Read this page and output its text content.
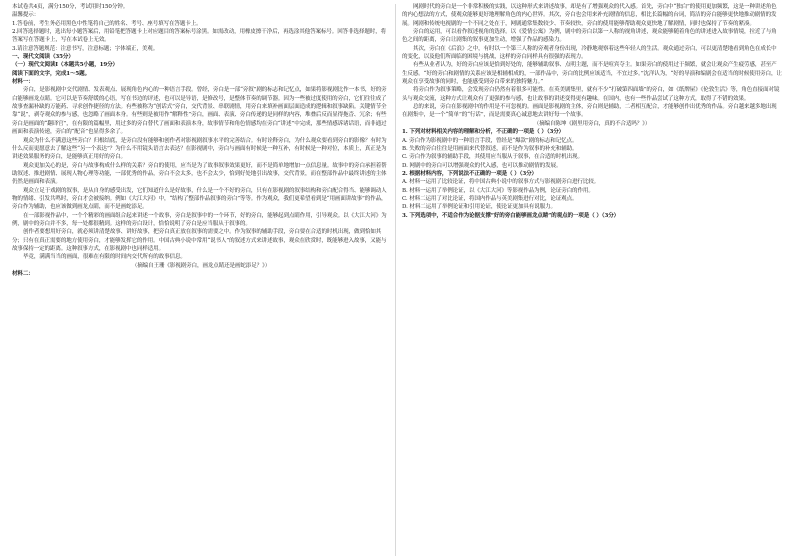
本试卷共4页，满分150分，考试用时150分钟。

温馨提示：

1.答卷前，考生务必用黑色中性笔将自己的姓名、考号、座号填写在答题卡上。

2.回答选择题时，选出每小题答案后，用铅笔把答题卡上对应题目的答案标号涂黑。如需改动，用橡皮擦干净后，再选涂其他答案标号。回答非选择题时，将答案写在答题卡上，写在本试卷上无效。

3.请注意答题规范：注意书写，注意标题；字体端正，美观。

一、现代文阅读（35分）

（一）现代文阅读Ⅰ（本题共5小题，19分）

阅读下面的文字，完成1～5题。

材料一：

旁白，是影视剧中交代剧情、发表观点、展现角色内心的一种语言手段。曾经，旁白是一部“旁叙”剧的标志和记忆点，如果将影视剧比作一本书，好的旁白能够画龙点睛。它可以是节奏舒缓的心语，写在书边的评述，也可以是导语，是修改号，是整体节奏的调节器。因为一些被过度使用的旁白，它们往往成了故事查漏补缺的万能药、寻求创作捷径的方法。有些被称为“创话式”旁白，交代背景、串联剧情，用旁白来填补画面层面造成的逻辑和叙事缺陷。关键情节全靠“说”，剥夺观众的参与感，也忽略了画面本身。有些则是被用作“解释性”旁白，画面、表演、旁白传递的是同样的内容，堆叠后反而显得拖沓、冗余；有些旁白是画面的“翻译官”，在有限的篇幅里，用过多的旁白替代了画面和表演本身，故事情节和角色情感均在旁白“讲述”中完成，那些情感诉诸话语，而非通过画面和表演传递，旁白的“配音”也显得多余了。

观众为什么不满意这些旁白？归根结底，是旁白没有能够和创作者对影视剧叙事水平的完善结合。有时诠释旁白，为什么观众要看到旁白的影像？有时为什么反而更愿意去了解这些“另一个表达”？为什么不用镜头语言去表达？在影视剧中，旁白与画面有时候是一种互补，有时候是一种对位，本质上，真正是为讲述效果服务的旁白，是能够真正用好的旁白。

观众更加关心的是，旁白与故事构成什么样的关系？旁白的使用，应当是为了故事叙事效果更好，而不是简单地增加一点信息量。故事中的旁白承担着帮助叙述、推进剧情、展现人物心理等功能，一部优秀的作品，旁白不会太多，也不会太少，恰到好处地引出故事，交代背景，而在整部作品中最终讲述的主体仍然是画面和表演。

观众立足于戏剧的叙事，是从自身的感受出发，它们知道什么是好故事，什么是一个不好的旁白，只有在影视剧的叙事结构和旁白配合得当、能够调动人物的情绪、引发共鸣时，旁白才会被接纳。例如《大江大河》中，“结构了整部作品叙事的旁白”等等。作为观众，我们更希望看到是“用画面讲故事”的作品，旁白作为辅助，也应该做到画龙点睛，而不是画蛇添足。

在一部影视作品中，一个个精彩的画面组合起来讲述一个故事，旁白是叙事中的一个环节，好的旁白，能够起到点睛作用，引导观众。以《大江大河》为例，剧中的旁白并不多，每一处都很精到。这样的旁白设计，恰恰说明了旁白是应当服从于叙事的。

创作者要想用好旁白，就必须讲清楚故事、讲好故事，把旁白真正放在叙事的需要之中。作为叙事的辅助手段，旁白要在合适的时机出现，做到恰如其分；只有在真正需要的地方使用旁白，才能够发挥它的作用。中国古典小说中常用“说书人”的叙述方式来讲述故事，观众在欣赏时，既能够进入故事，又能与故事保持一定的距离。这种叙事方式，在影视剧中也同样适用。

毕竟，满满当当的画面，很难在有限的时间内交代所有的故事信息。

（摘编自王珊《影视剧旁白，画龙点睛还是画蛇添足？》）

材料二：

网剧时代的旁白是一个非常积极的实践，以这种形式来讲述故事，却是有了增强观众的代入感。首先，旁白中“独白”的使用更加频繁，这是一种讲述角色的内心想法的方式，使观众能够更好地理解角色的内心世界。其次，旁白也会用来补充剧情的信息，相比长篇幅的台词，简洁的旁白能够更快地推动剧情的发展。网剧和传统电视剧的一个不同之处在于，网剧通常集数较少、节奏较快，旁白的使用能够帮助观众更快地了解剧情，同时也保持了节奏的紧凑。

旁白的运用，可以看作叙述视角的选择。以《爱情公寓》为例，剧中的旁白以第一人称的视角讲述，观众能够随着角色的讲述进入故事情境，拉近了与角色之间的距离，旁白让剧集的叙事更加生动，增强了作品的感染力。

其次，旁白在《后浪》之中，有时以一个第三人称的旁观者身份出现，冷静地观察着这些年轻人的生活。观众通过旁白，可以更清楚地看到角色在成长中的变化，以及他们所面临的困境与挑战，这样的旁白同样具有很强的表现力。

有些从业者认为，好的旁白应该是恰到好处的，能够辅助叙事、点明主题，而不是喧宾夺主。如果旁白的使用过于频繁，就会让观众产生疲劳感，甚至产生反感。“好的旁白和剧情的关系应该是相辅相成的，一部作品中，旁白的比例应该适当，不宜过多。”沈洋认为，“好的导演和编剧会在适当的时候使用旁白，让观众在享受故事的同时，也能感受到旁白带来的独特魅力。”

将旁白作为叙事策略，会发现旁白仍然有着很多可能性。在英美剧集里，就有不少“打破第四面墙”的旁白，如《纸牌屋》《伦敦生活》等，角色直接面对镜头与观众交流，这种方式让观众有了更强的参与感，也让故事的讲述变得更有趣味。在国内，也有一些作品尝试了这种方式，取得了不错的效果。

总的来说，旁白在影视剧中的作用是不可忽视的。画面是影视剧的主体，旁白则是辅助，二者相互配合，才能够创作出优秀的作品。旁白越来越多地出现在剧集中，是一个“简单”的“行话”，而是需要真心诚意地去讲好每一个故事。

（摘编自陈坤《剧里用旁白，真的不合适吗？》）

1. 下列对材料相关内容的理解和分析，不正确的一项是（ ）（3分）

A. 旁白作为影视剧中的一种语言手段，曾经是“爆款”剧的标志和记忆点。

B. 失败的旁白往往是用画面来代替叙述，而不是作为叙事的补充和辅助。

C. 旁白作为叙事的辅助手段，其使用应当服从于叙事，在合适的时机出现。

D. 网剧中的旁白可以增强观众的代入感，也可以推动剧情的发展。

2. 根据材料内容，下列说法不正确的一项是（ ）（3分）

A. 材料一运用了比较论证，将中国古典小说中的叙事方式与影视剧旁白进行比较。

B. 材料一运用了举例论证，以《大江大河》等影视作品为例，论证旁白的作用。

C. 材料二运用了对比论证，将国内作品与英美剧集进行对比，论证观点。

D. 材料二运用了举例论证和引用论证，使论证更加具有说服力。

3. 下列选项中，不适合作为论据支撑“好的旁白能够画龙点睛”的观点的一项是（ ）（3分）
